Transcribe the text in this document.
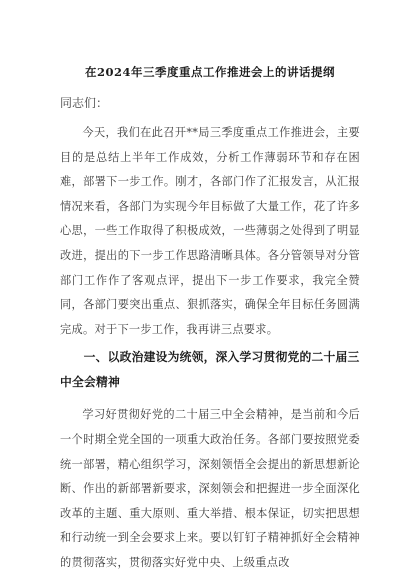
在2024年三季度重点工作推进会上的讲话提纲
同志们：

今天，我们在此召开**局三季度重点工作推进会，主要目的是总结上半年工作成效，分析工作薄弱环节和存在困难，部署下一步工作。刚才，各部门作了汇报发言，从汇报情况来看，各部门为实现今年目标做了大量工作，花了许多心思，一些工作取得了积极成效，一些薄弱之处得到了明显改进，提出的下一步工作思路清晰具体。各分管领导对分管部门工作作了客观点评，提出下一步工作要求，我完全赞同，各部门要突出重点、狠抓落实，确保全年目标任务圆满完成。对于下一步工作，我再讲三点要求。

一、以政治建设为统领，深入学习贯彻党的二十届三中全会精神

学习好贯彻好党的二十届三中全会精神，是当前和今后一个时期全党全国的一项重大政治任务。各部门要按照党委统一部署，精心组织学习，深刻领悟全会提出的新思想新论断、作出的新部署新要求，深刻领会和把握进一步全面深化改革的主题、重大原则、重大举措、根本保证，切实把思想和行动统一到全会要求上来。要以钉钉子精神抓好全会精神的贯彻落实，贯彻落实好党中央、上级重点改
